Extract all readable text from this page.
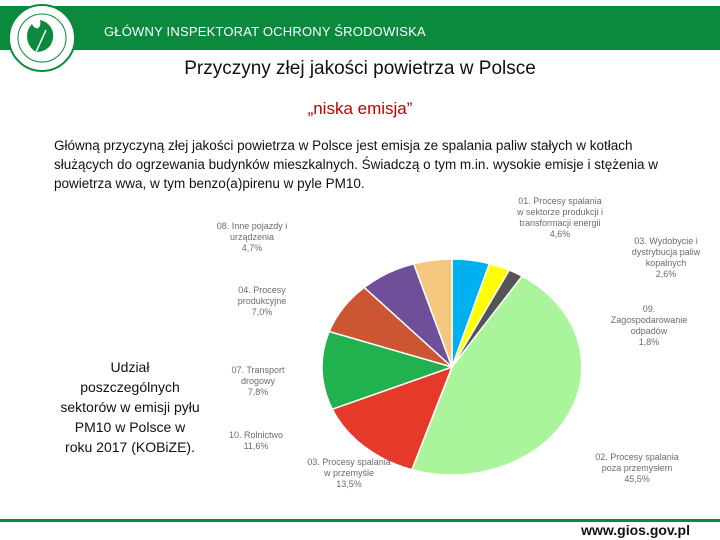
GŁÓWNY INSPEKTORAT OCHRONY ŚRODOWISKA
Przyczyny złej jakości powietrza w Polsce
„niska emisja”
Główną przyczyną złej jakości powietrza w Polsce jest emisja ze spalania paliw stałych w kotłach służących do ogrzewania budynków mieszkalnych. Świadczą o tym m.in. wysokie emisje i stężenia w powietrza wwa, w tym benzo(a)pirenu w pyle PM10.
01. Procesy spalania w sektorze produkcji i transformacji energii 4,6%
03. Wydobycie i dystrybucja paliw kopalnych 2,6%
09. Zagospodarowanie odpadów 1,8%
02. Procesy spalania poza przemysłem 45,5%
03. Procesy spalania w przemyśle 13,5%
10. Rolnictwo 11,6%
07. Transport drogowy 7,8%
04. Procesy produkcyjne 7,0%
08. Inne pojazdy i urządzenia 4,7%
Udział poszczególnych sektorów w emisji pyłu PM10 w Polsce w roku 2017 (KOBiZE).
www.gios.gov.pl
